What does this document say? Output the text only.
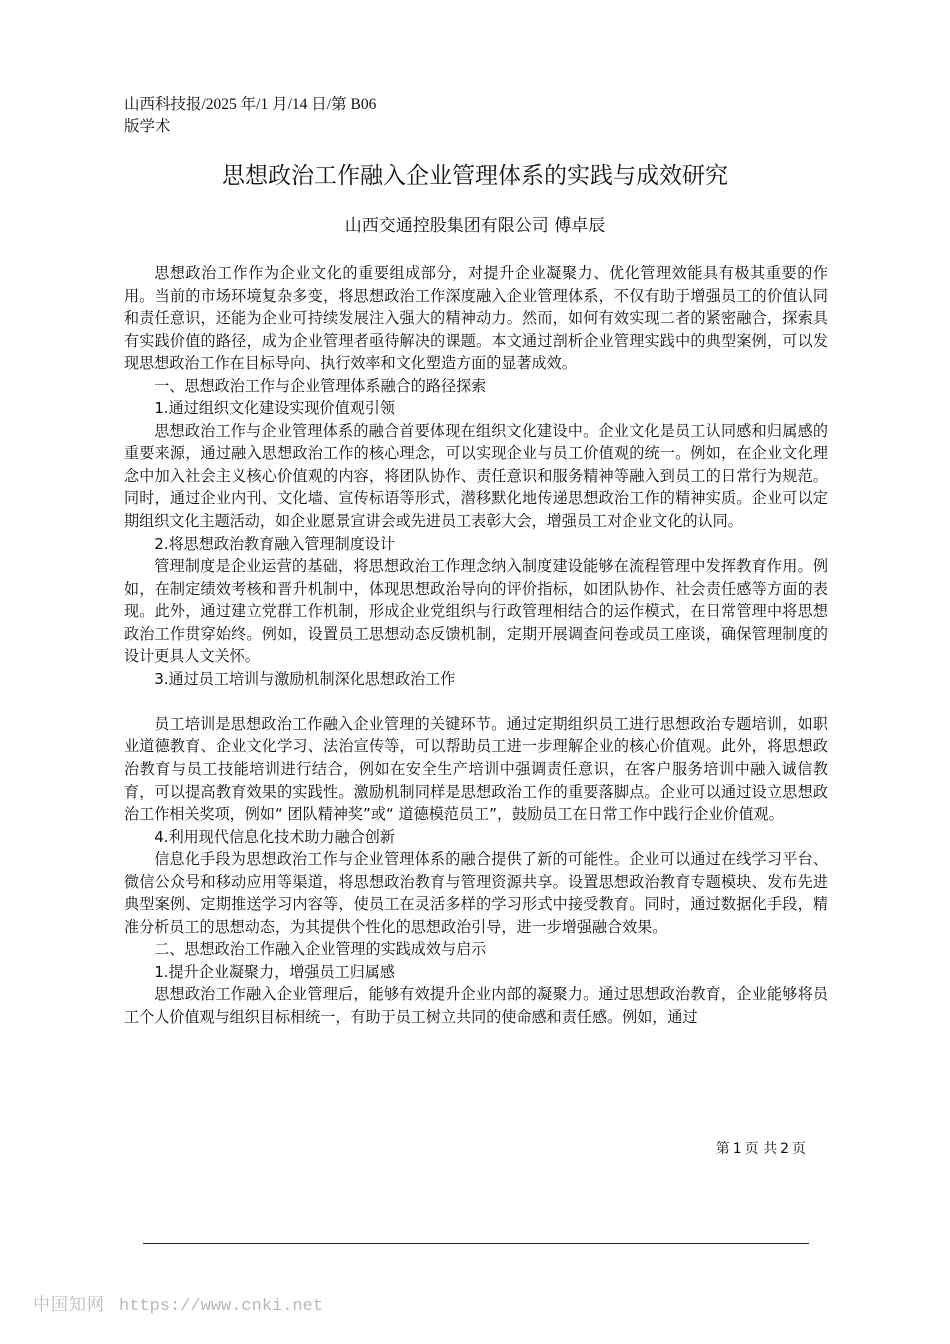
山西科技报/2025 年/1 月/14 日/第 B06
版学术

思想政治工作融入企业管理体系的实践与成效研究

山西交通控股集团有限公司 傅卓辰

思想政治工作作为企业文化的重要组成部分，对提升企业凝聚力、优化管理效能具有极其重要的作用。当前的市场环境复杂多变，将思想政治工作深度融入企业管理体系，不仅有助于增强员工的价值认同和责任意识，还能为企业可持续发展注入强大的精神动力。然而，如何有效实现二者的紧密融合，探索具有实践价值的路径，成为企业管理者亟待解决的课题。本文通过剖析企业管理实践中的典型案例，可以发现思想政治工作在目标导向、执行效率和文化塑造方面的显著成效。

一、思想政治工作与企业管理体系融合的路径探索

1.通过组织文化建设实现价值观引领

思想政治工作与企业管理体系的融合首要体现在组织文化建设中。企业文化是员工认同感和归属感的重要来源，通过融入思想政治工作的核心理念，可以实现企业与员工价值观的统一。例如，在企业文化理念中加入社会主义核心价值观的内容，将团队协作、责任意识和服务精神等融入到员工的日常行为规范。同时，通过企业内刊、文化墙、宣传标语等形式，潜移默化地传递思想政治工作的精神实质。企业可以定期组织文化主题活动，如企业愿景宣讲会或先进员工表彰大会，增强员工对企业文化的认同。

2.将思想政治教育融入管理制度设计

管理制度是企业运营的基础，将思想政治工作理念纳入制度建设能够在流程管理中发挥教育作用。例如，在制定绩效考核和晋升机制中，体现思想政治导向的评价指标，如团队协作、社会责任感等方面的表现。此外，通过建立党群工作机制，形成企业党组织与行政管理相结合的运作模式，在日常管理中将思想政治工作贯穿始终。例如，设置员工思想动态反馈机制，定期开展调查问卷或员工座谈，确保管理制度的设计更具人文关怀。

3.通过员工培训与激励机制深化思想政治工作

员工培训是思想政治工作融入企业管理的关键环节。通过定期组织员工进行思想政治专题培训，如职业道德教育、企业文化学习、法治宣传等，可以帮助员工进一步理解企业的核心价值观。此外，将思想政治教育与员工技能培训进行结合，例如在安全生产培训中强调责任意识，在客户服务培训中融入诚信教育，可以提高教育效果的实践性。激励机制同样是思想政治工作的重要落脚点。企业可以通过设立思想政治工作相关奖项，例如“ 团队精神奖”或“ 道德模范员工”，鼓励员工在日常工作中践行企业价值观。

4.利用现代信息化技术助力融合创新

信息化手段为思想政治工作与企业管理体系的融合提供了新的可能性。企业可以通过在线学习平台、微信公众号和移动应用等渠道，将思想政治教育与管理资源共享。设置思想政治教育专题模块、发布先进典型案例、定期推送学习内容等，使员工在灵活多样的学习形式中接受教育。同时，通过数据化手段，精准分析员工的思想动态，为其提供个性化的思想政治引导，进一步增强融合效果。

二、思想政治工作融入企业管理的实践成效与启示

1.提升企业凝聚力，增强员工归属感

思想政治工作融入企业管理后，能够有效提升企业内部的凝聚力。通过思想政治教育，企业能够将员工个人价值观与组织目标相统一，有助于员工树立共同的使命感和责任感。例如，通过

第 1 页 共 2 页

中国知网 https://www.cnki.net
